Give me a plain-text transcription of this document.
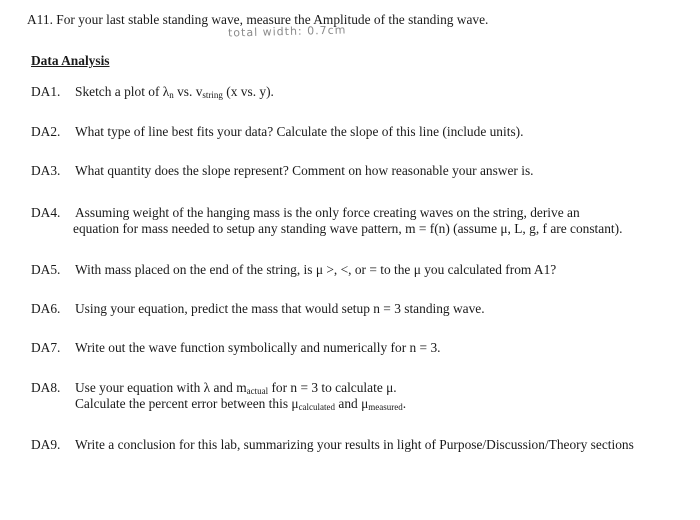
A11. For your last stable standing wave, measure the Amplitude of the standing wave.
total width: 0.7cm
Data Analysis
DA1.	Sketch a plot of λn vs. vstring (x vs. y).
DA2.	What type of line best fits your data? Calculate the slope of this line (include units).
DA3.	What quantity does the slope represent? Comment on how reasonable your answer is.
DA4.	Assuming weight of the hanging mass is the only force creating waves on the string, derive an
equation for mass needed to setup any standing wave pattern, m = f(n) (assume μ, L, g, f are constant).
DA5.	With mass placed on the end of the string, is μ >, <, or = to the μ you calculated from A1?
DA6.	Using your equation, predict the mass that would setup n = 3 standing wave.
DA7.	Write out the wave function symbolically and numerically for n = 3.
DA8.	Use your equation with λ and mactual for n = 3 to calculate μ.
Calculate the percent error between this μcalculated and μmeasured.
DA9.	Write a conclusion for this lab, summarizing your results in light of Purpose/Discussion/Theory sections
